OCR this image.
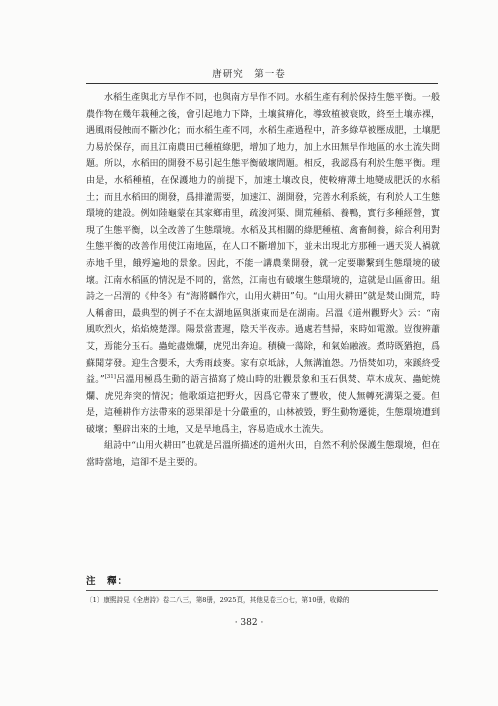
唐研究　第一卷

水稻生產與北方旱作不同，也與南方旱作不同。水稻生產有利於保持生態平衡。一般農作物在幾年栽種之後，會引起地力下降，土壤貧瘠化，導致植被衰敗，終至土壤赤裸，遇風雨侵蝕而不斷沙化；而水稻生產不同，水稻生產過程中，許多綠草被壓成肥，土壤肥力易於保存，而且江南農田已種植綠肥，增加了地力，加上水田無旱作地區的水土流失問題。所以，水稻田的開發不易引起生態平衡破壞問題。相反，我認爲有利於生態平衡。理由是，水稻種植，在保護地力的前提下，加速土壤改良，使較瘠薄土地變成肥沃的水稻土；而且水稻田的開發，爲排灌需要，加速江、湖開發，完善水利系統，有利於人工生態環境的建設。例如陸龜蒙在其家鄉甫里，疏浚河渠、開荒種稻、養鴨，實行多種經營，實現了生態平衡，以全改善了生態環境。水稻及其相關的綠肥種植、禽畜飼養，綜合利用對生態平衡的改善作用使江南地區，在人口不斷增加下，並未出現北方那種一遇天災人禍就赤地千里，餓殍遍地的景象。因此，不能一講農業開發，就一定要聯繫到生態環境的破壞。江南水稻區的情況是不同的，當然，江南也有破壞生態環境的，這就是山區畬田。組詩之一呂渭的《仲冬》有“海將麟作穴，山用火耕田”句。“山用火耕田”就是焚山開荒，時人稱畬田，最典型的例子不在太湖地區與浙東而是在湖南。呂溫《道州觀野火》云：“南風吹烈火，焰焰燒楚澤。陽景當晝遲，陰天半夜赤。過處若彗掃，來時如電激。豈復辨蕭艾，焉能分玉石。蟲蛇盡燋爛，虎兕出奔迫。積穢一蕩除，和氣始融液。煮時既猶抱，爲蘇聞芽發。迎生含嬰禾，大秀雨歧麥。家有京坻詠，人無溝洫怨。乃悟焚如功，來蹊終受益。”[31]呂溫用極爲生動的語言描寫了燒山時的壯觀景象和玉石俱焚、草木成灰、蟲蛇燒爛、虎兕奔突的情況；他歌頌這把野火，因爲它帶來了豐收，使人無轉死溝渠之憂。但是，這種耕作方法帶來的惡果卻是十分嚴重的，山林被毀，野生動物遷徙，生態環境遭到破壞；墾辟出來的土地，又是旱地爲主，容易造成水土流失。

組詩中“山用火耕田”也就是呂溫所描述的道州火田，自然不利於保護生態環境，但在當時當地，這卻不是主要的。

注　釋：
〔1〕康熙詩見《全唐詩》卷二八三，第8册，2925頁，其他見卷三○七，第10册，收錄的
· 382 ·
